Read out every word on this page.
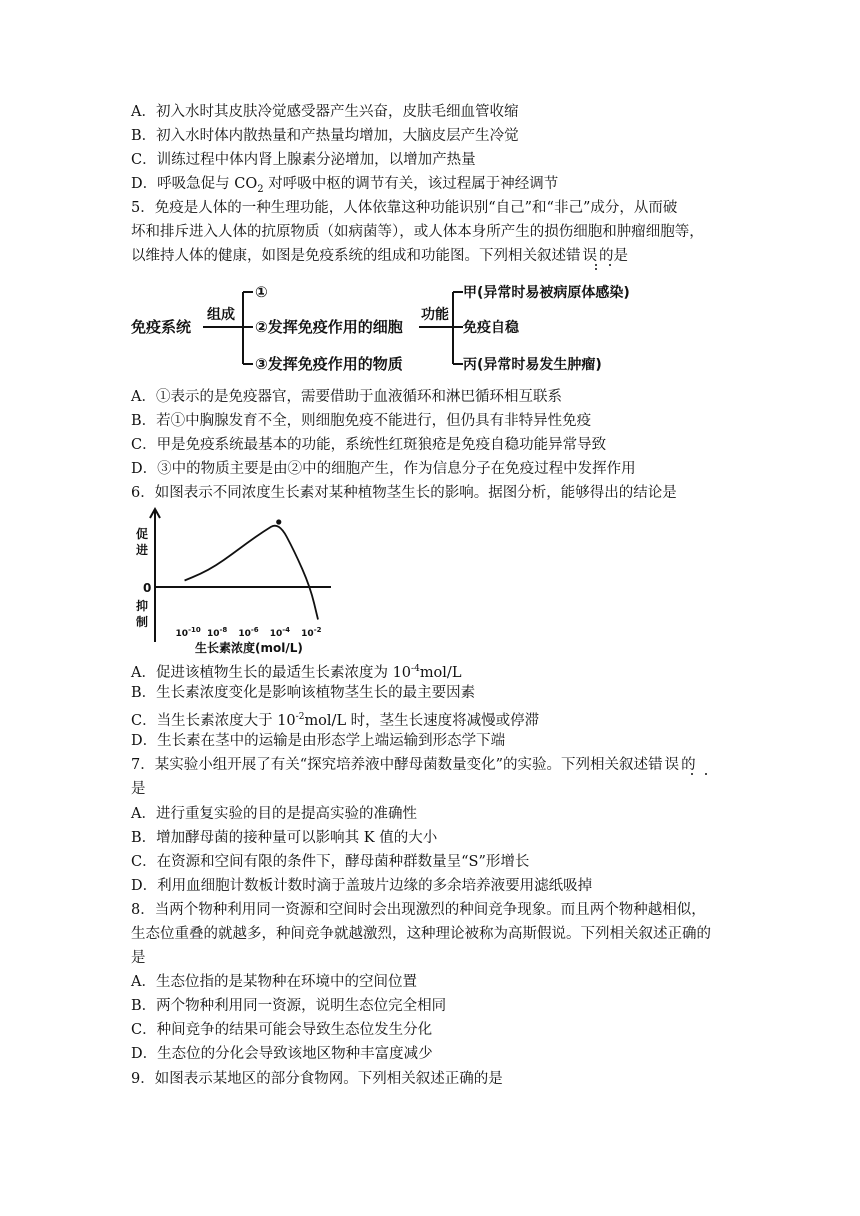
A．初入水时其皮肤冷觉感受器产生兴奋，皮肤毛细血管收缩
B．初入水时体内散热量和产热量均增加，大脑皮层产生冷觉
C．训练过程中体内肾上腺素分泌增加，以增加产热量
D．呼吸急促与 $CO_2$ 对呼吸中枢的调节有关，该过程属于神经调节
5．免疫是人体的一种生理功能，人体依靠这种功能识别“自己”和“非己”成分，从而破
坏和排斥进入人体的抗原物质（如病菌等），或人体本身所产生的损伤细胞和肿瘤细胞等，
以维持人体的健康，如图是免疫系统的组成和功能图。下列相关叙述错误的是
免疫系统
组成
①
②发挥免疫作用的细胞
③发挥免疫作用的物质
功能
甲(异常时易被病原体感染)
免疫自稳
丙(异常时易发生肿瘤)
A．①表示的是免疫器官，需要借助于血液循环和淋巴循环相互联系
B．若①中胸腺发育不全，则细胞免疫不能进行，但仍具有非特异性免疫
C．甲是免疫系统最基本的功能，系统性红斑狼疮是免疫自稳功能异常导致
D．③中的物质主要是由②中的细胞产生，作为信息分子在免疫过程中发挥作用
6．如图表示不同浓度生长素对某种植物茎生长的影响。据图分析，能够得出的结论是
促
进
0
抑
制
$10^{-10}$ $10^{-8}$ $10^{-6}$ $10^{-4}$ $10^{-2}$
生长素浓度(mol/L)
A．促进该植物生长的最适生长素浓度为 $10^{-4}mol/L$
B．生长素浓度变化是影响该植物茎生长的最主要因素
C．当生长素浓度大于 $10^{-2}mol/L$ 时，茎生长速度将减慢或停滞
D．生长素在茎中的运输是由形态学上端运输到形态学下端
7．某实验小组开展了有关“探究培养液中酵母菌数量变化”的实验。下列相关叙述错误的
是
A．进行重复实验的目的是提高实验的准确性
B．增加酵母菌的接种量可以影响其 K 值的大小
C．在资源和空间有限的条件下，酵母菌种群数量呈“S”形增长
D．利用血细胞计数板计数时滴于盖玻片边缘的多余培养液要用滤纸吸掉
8．当两个物种利用同一资源和空间时会出现激烈的种间竞争现象。而且两个物种越相似，
生态位重叠的就越多，种间竞争就越激烈，这种理论被称为高斯假说。下列相关叙述正确的
是
A．生态位指的是某物种在环境中的空间位置
B．两个物种利用同一资源，说明生态位完全相同
C．种间竞争的结果可能会导致生态位发生分化
D．生态位的分化会导致该地区物种丰富度减少
9．如图表示某地区的部分食物网。下列相关叙述正确的是
